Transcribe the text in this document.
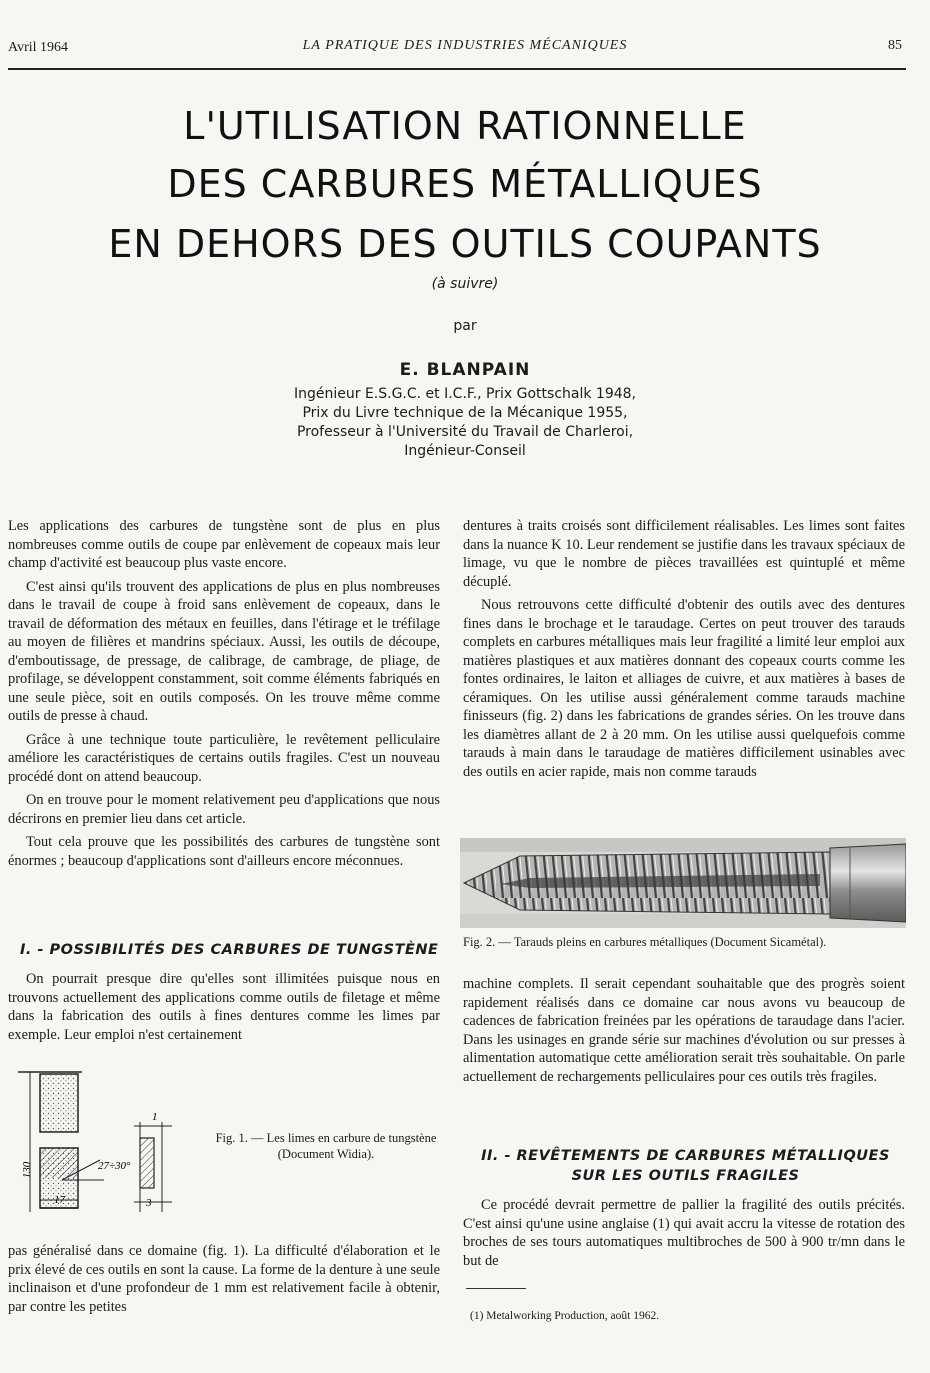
Avril 1964	LA PRATIQUE DES INDUSTRIES MÉCANIQUES	85
L'UTILISATION RATIONNELLE
DES CARBURES MÉTALLIQUES
EN DEHORS DES OUTILS COUPANTS
(à suivre)
par
E. BLANPAIN
Ingénieur E.S.G.C. et I.C.F., Prix Gottschalk 1948,
Prix du Livre technique de la Mécanique 1955,
Professeur à l'Université du Travail de Charleroi,
Ingénieur-Conseil

Les applications des carbures de tungstène sont de plus en plus nombreuses comme outils de coupe par enlèvement de copeaux mais leur champ d'activité est beaucoup plus vaste encore.

C'est ainsi qu'ils trouvent des applications de plus en plus nombreuses dans le travail de coupe à froid sans enlèvement de copeaux, dans le travail de déformation des métaux en feuilles, dans l'étirage et le tréfilage au moyen de filières et mandrins spéciaux. Aussi, les outils de découpe, d'emboutissage, de pressage, de calibrage, de cambrage, de pliage, de profilage, se développent constamment, soit comme éléments fabriqués en une seule pièce, soit en outils composés. On les trouve même comme outils de presse à chaud.

Grâce à une technique toute particulière, le revêtement pelliculaire améliore les caractéristiques de certains outils fragiles. C'est un nouveau procédé dont on attend beaucoup.

On en trouve pour le moment relativement peu d'applications que nous décrirons en premier lieu dans cet article.

Tout cela prouve que les possibilités des carbures de tungstène sont énormes ; beaucoup d'applications sont d'ailleurs encore méconnues.

I. - POSSIBILITÉS DES CARBURES DE TUNGSTÈNE

On pourrait presque dire qu'elles sont illimitées puisque nous en trouvons actuellement des applications comme outils de filetage et même dans la fabrication des outils à fines dentures comme les limes par exemple. Leur emploi n'est certainement

130	27÷30°
17
1
3
Fig. 1. — Les limes en carbure de tungstène (Document Widia).

pas généralisé dans ce domaine (fig. 1). La difficulté d'élaboration et le prix élevé de ces outils en sont la cause. La forme de la denture à une seule inclinaison et d'une profondeur de 1 mm est relativement facile à obtenir, par contre les petites

dentures à traits croisés sont difficilement réalisables. Les limes sont faites dans la nuance K 10. Leur rendement se justifie dans les travaux spéciaux de limage, vu que le nombre de pièces travaillées est quintuplé et même décuplé.

Nous retrouvons cette difficulté d'obtenir des outils avec des dentures fines dans le brochage et le taraudage. Certes on peut trouver des tarauds complets en carbures métalliques mais leur fragilité a limité leur emploi aux matières plastiques et aux matières donnant des copeaux courts comme les fontes ordinaires, le laiton et alliages de cuivre, et aux matières à bases de céramiques. On les utilise aussi généralement comme tarauds machine finisseurs (fig. 2) dans les fabrications de grandes séries. On les trouve dans les diamètres allant de 2 à 20 mm. On les utilise aussi quelquefois comme tarauds à main dans le taraudage de matières difficilement usinables avec des outils en acier rapide, mais non comme tarauds

Fig. 2. — Tarauds pleins en carbures métalliques (Document Sicamétal).

machine complets. Il serait cependant souhaitable que des progrès soient rapidement réalisés dans ce domaine car nous avons vu beaucoup de cadences de fabrication freinées par les opérations de taraudage dans l'acier. Dans les usinages en grande série sur machines d'évolution ou sur presses à alimentation automatique cette amélioration serait très souhaitable. On parle actuellement de rechargements pelliculaires pour ces outils très fragiles.

II. - REVÊTEMENTS DE CARBURES MÉTALLIQUES
SUR LES OUTILS FRAGILES

Ce procédé devrait permettre de pallier la fragilité des outils précités. C'est ainsi qu'une usine anglaise (1) qui avait accru la vitesse de rotation des broches de ses tours automatiques multibroches de 500 à 900 tr/mn dans le but de

(1) Metalworking Production, août 1962.
